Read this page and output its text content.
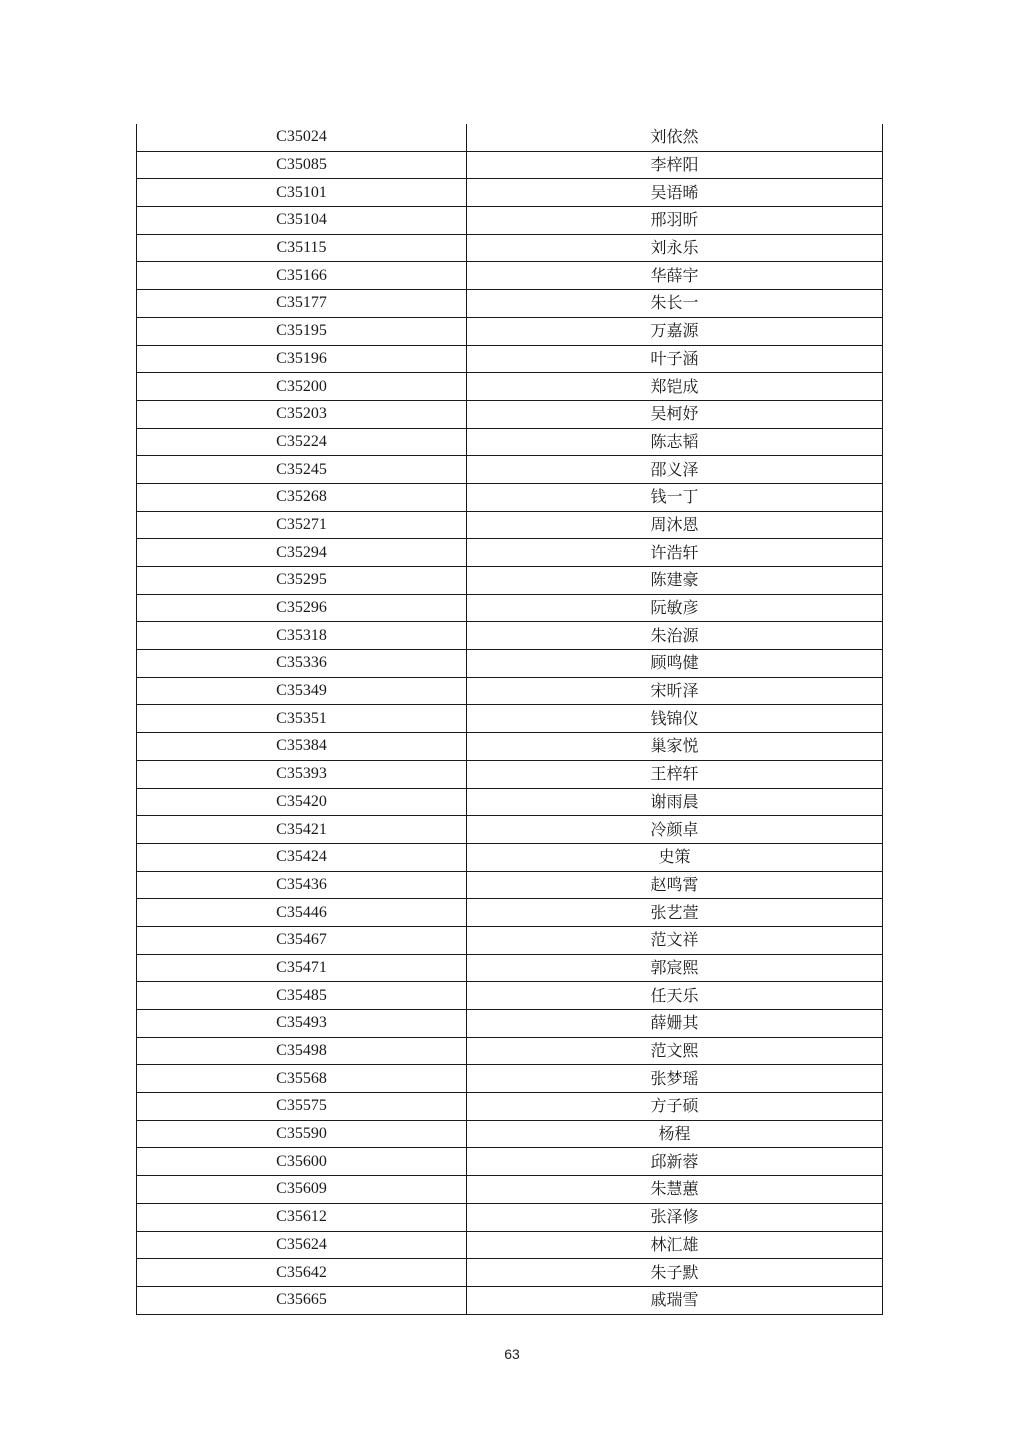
C35024	刘依然
C35085	李梓阳
C35101	吴语晞
C35104	邢羽昕
C35115	刘永乐
C35166	华薛宇
C35177	朱长一
C35195	万嘉源
C35196	叶子涵
C35200	郑铠成
C35203	吴柯妤
C35224	陈志韬
C35245	邵义泽
C35268	钱一丁
C35271	周沐恩
C35294	许浩轩
C35295	陈建豪
C35296	阮敏彦
C35318	朱治源
C35336	顾鸣健
C35349	宋昕泽
C35351	钱锦仪
C35384	巢家悦
C35393	王梓轩
C35420	谢雨晨
C35421	冷颜卓
C35424	史策
C35436	赵鸣霄
C35446	张艺萱
C35467	范文祥
C35471	郭宸熙
C35485	任天乐
C35493	薛姗其
C35498	范文熙
C35568	张梦瑶
C35575	方子硕
C35590	杨程
C35600	邱新蓉
C35609	朱慧蕙
C35612	张泽修
C35624	林汇雄
C35642	朱子默
C35665	戚瑞雪
63
